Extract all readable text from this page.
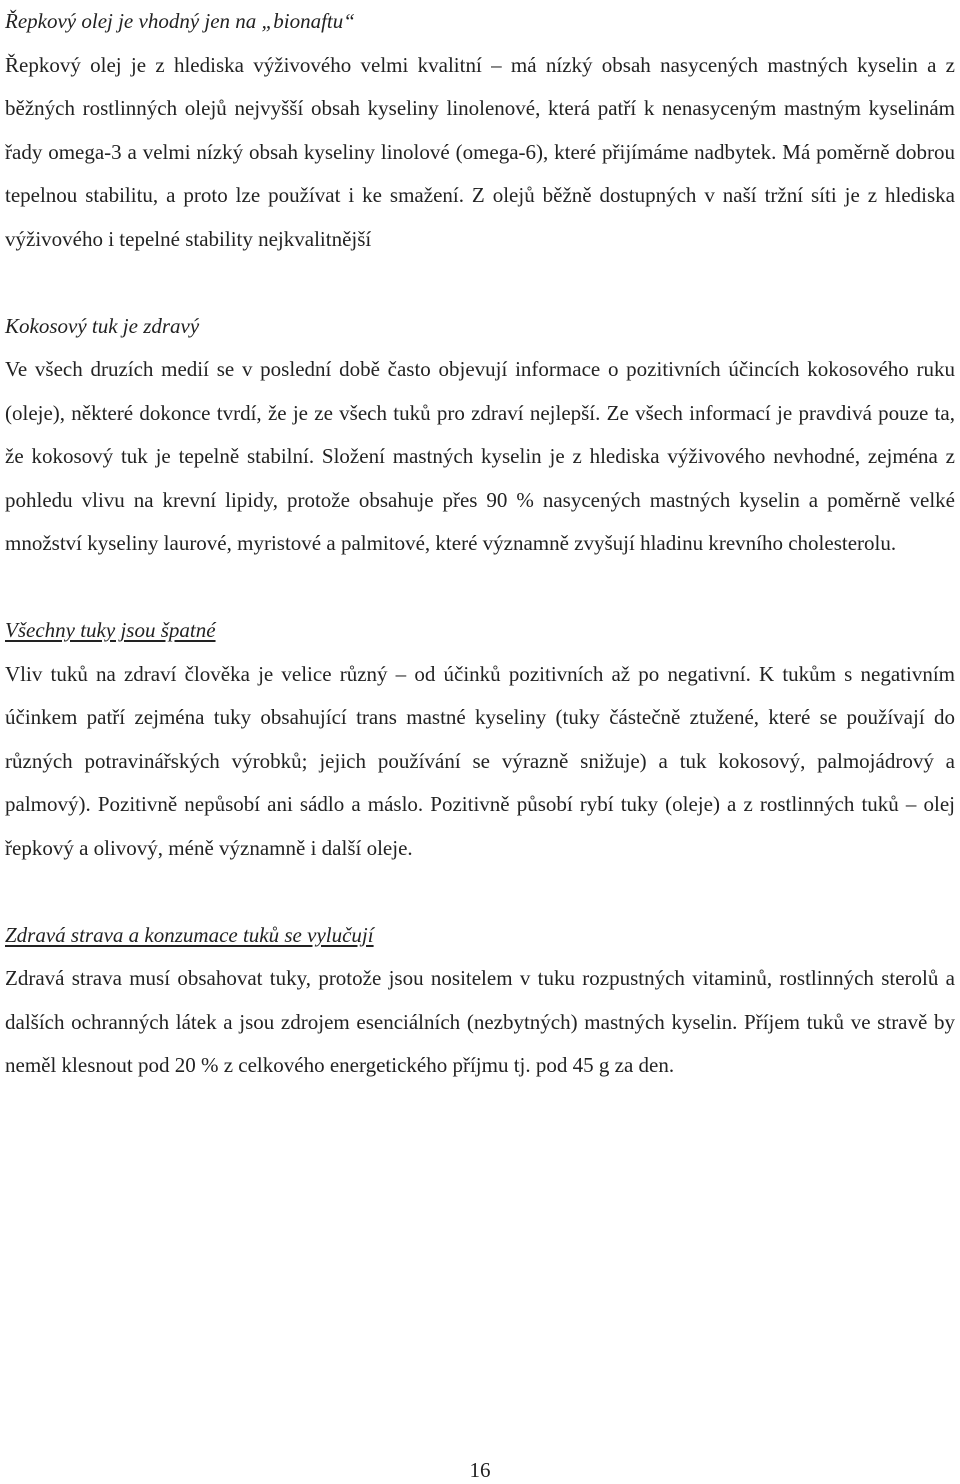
Řepkový olej je vhodný jen na „bionaftu“

Řepkový olej je z hlediska výživového velmi kvalitní – má nízký obsah nasycených mastných kyselin a z běžných rostlinných olejů nejvyšší obsah kyseliny linolenové, která patří k nenasyceným mastným kyselinám řady omega-3 a velmi nízký obsah kyseliny linolové (omega-6), které přijímáme nadbytek. Má poměrně dobrou tepelnou stabilitu, a proto lze používat i ke smažení. Z olejů běžně dostupných v naší tržní síti je z hlediska výživového i tepelné stability nejkvalitnější

Kokosový tuk je zdravý

Ve všech druzích medií se v poslední době často objevují informace o pozitivních účincích kokosového ruku (oleje), některé dokonce tvrdí, že je ze všech tuků pro zdraví nejlepší. Ze všech informací je pravdivá pouze ta, že kokosový tuk je tepelně stabilní. Složení mastných kyselin je z hlediska výživového nevhodné, zejména z pohledu vlivu na krevní lipidy, protože obsahuje přes 90 % nasycených mastných kyselin a poměrně velké množství kyseliny laurové, myristové a palmitové, které významně zvyšují hladinu krevního cholesterolu.

Všechny tuky jsou špatné

Vliv tuků na zdraví člověka je velice různý – od účinků pozitivních až po negativní. K tukům s negativním účinkem patří zejména tuky obsahující trans mastné kyseliny (tuky částečně ztužené, které se používají do různých potravinářských výrobků; jejich používání se výrazně snižuje) a tuk kokosový, palmojádrový a palmový). Pozitivně nepůsobí ani sádlo a máslo. Pozitivně působí rybí tuky (oleje) a z rostlinných tuků – olej řepkový a olivový, méně významně i další oleje.

Zdravá strava a konzumace tuků se vylučují

Zdravá strava musí obsahovat tuky, protože jsou nositelem v tuku rozpustných vitaminů, rostlinných sterolů a dalších ochranných látek a jsou zdrojem esenciálních (nezbytných) mastných kyselin. Příjem tuků ve stravě by neměl klesnout pod 20 % z celkového energetického příjmu tj. pod 45 g za den.

16
